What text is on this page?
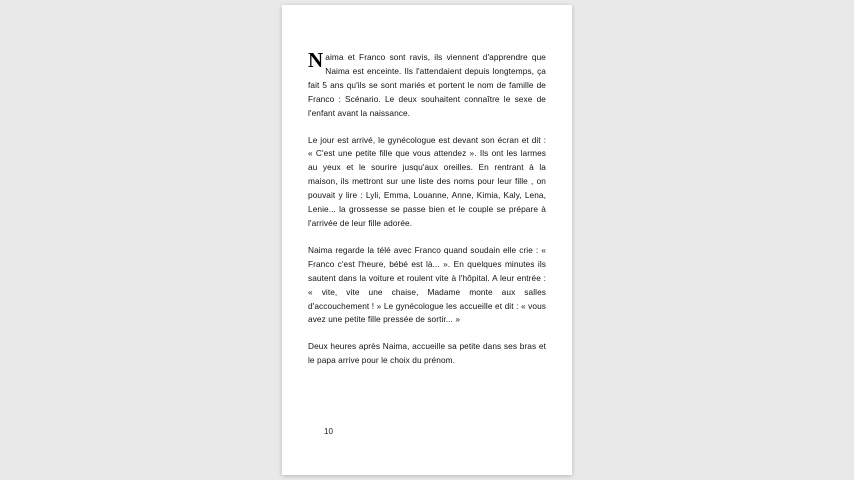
Naima et Franco sont ravis, ils viennent d'apprendre que Naima est enceinte. Ils l'attendaient depuis longtemps, ça fait 5 ans qu'ils se sont mariés et portent le nom de famille de Franco : Scénario. Le deux souhaitent connaître le sexe de l'enfant avant la naissance.

Le jour est arrivé, le gynécologue est devant son écran et dit : « C'est une petite fille que vous attendez ». Ils ont les larmes au yeux et le sourire jusqu'aux oreilles. En rentrant à la maison, ils mettront sur une liste des noms pour leur fille , on pouvait y lire : Lyli, Emma, Louanne, Anne, Kimia, Kaly, Lena, Lenie... la grossesse se passe bien et le couple se prépare à l'arrivée de leur fille adorée.

Naima regarde la télé avec Franco quand soudain elle crie : « Franco c'est l'heure, bébé est là... ». En quelques minutes ils sautent dans la voiture et roulent vite à l'hôpital. A leur entrée : « vite, vite une chaise, Madame monte aux salles d'accouchement ! » Le gynécologue les accueille et dit : « vous avez une petite fille pressée de sortir... »

Deux heures après Naima, accueille sa petite dans ses bras et le papa arrive pour le choix du prénom.

10
